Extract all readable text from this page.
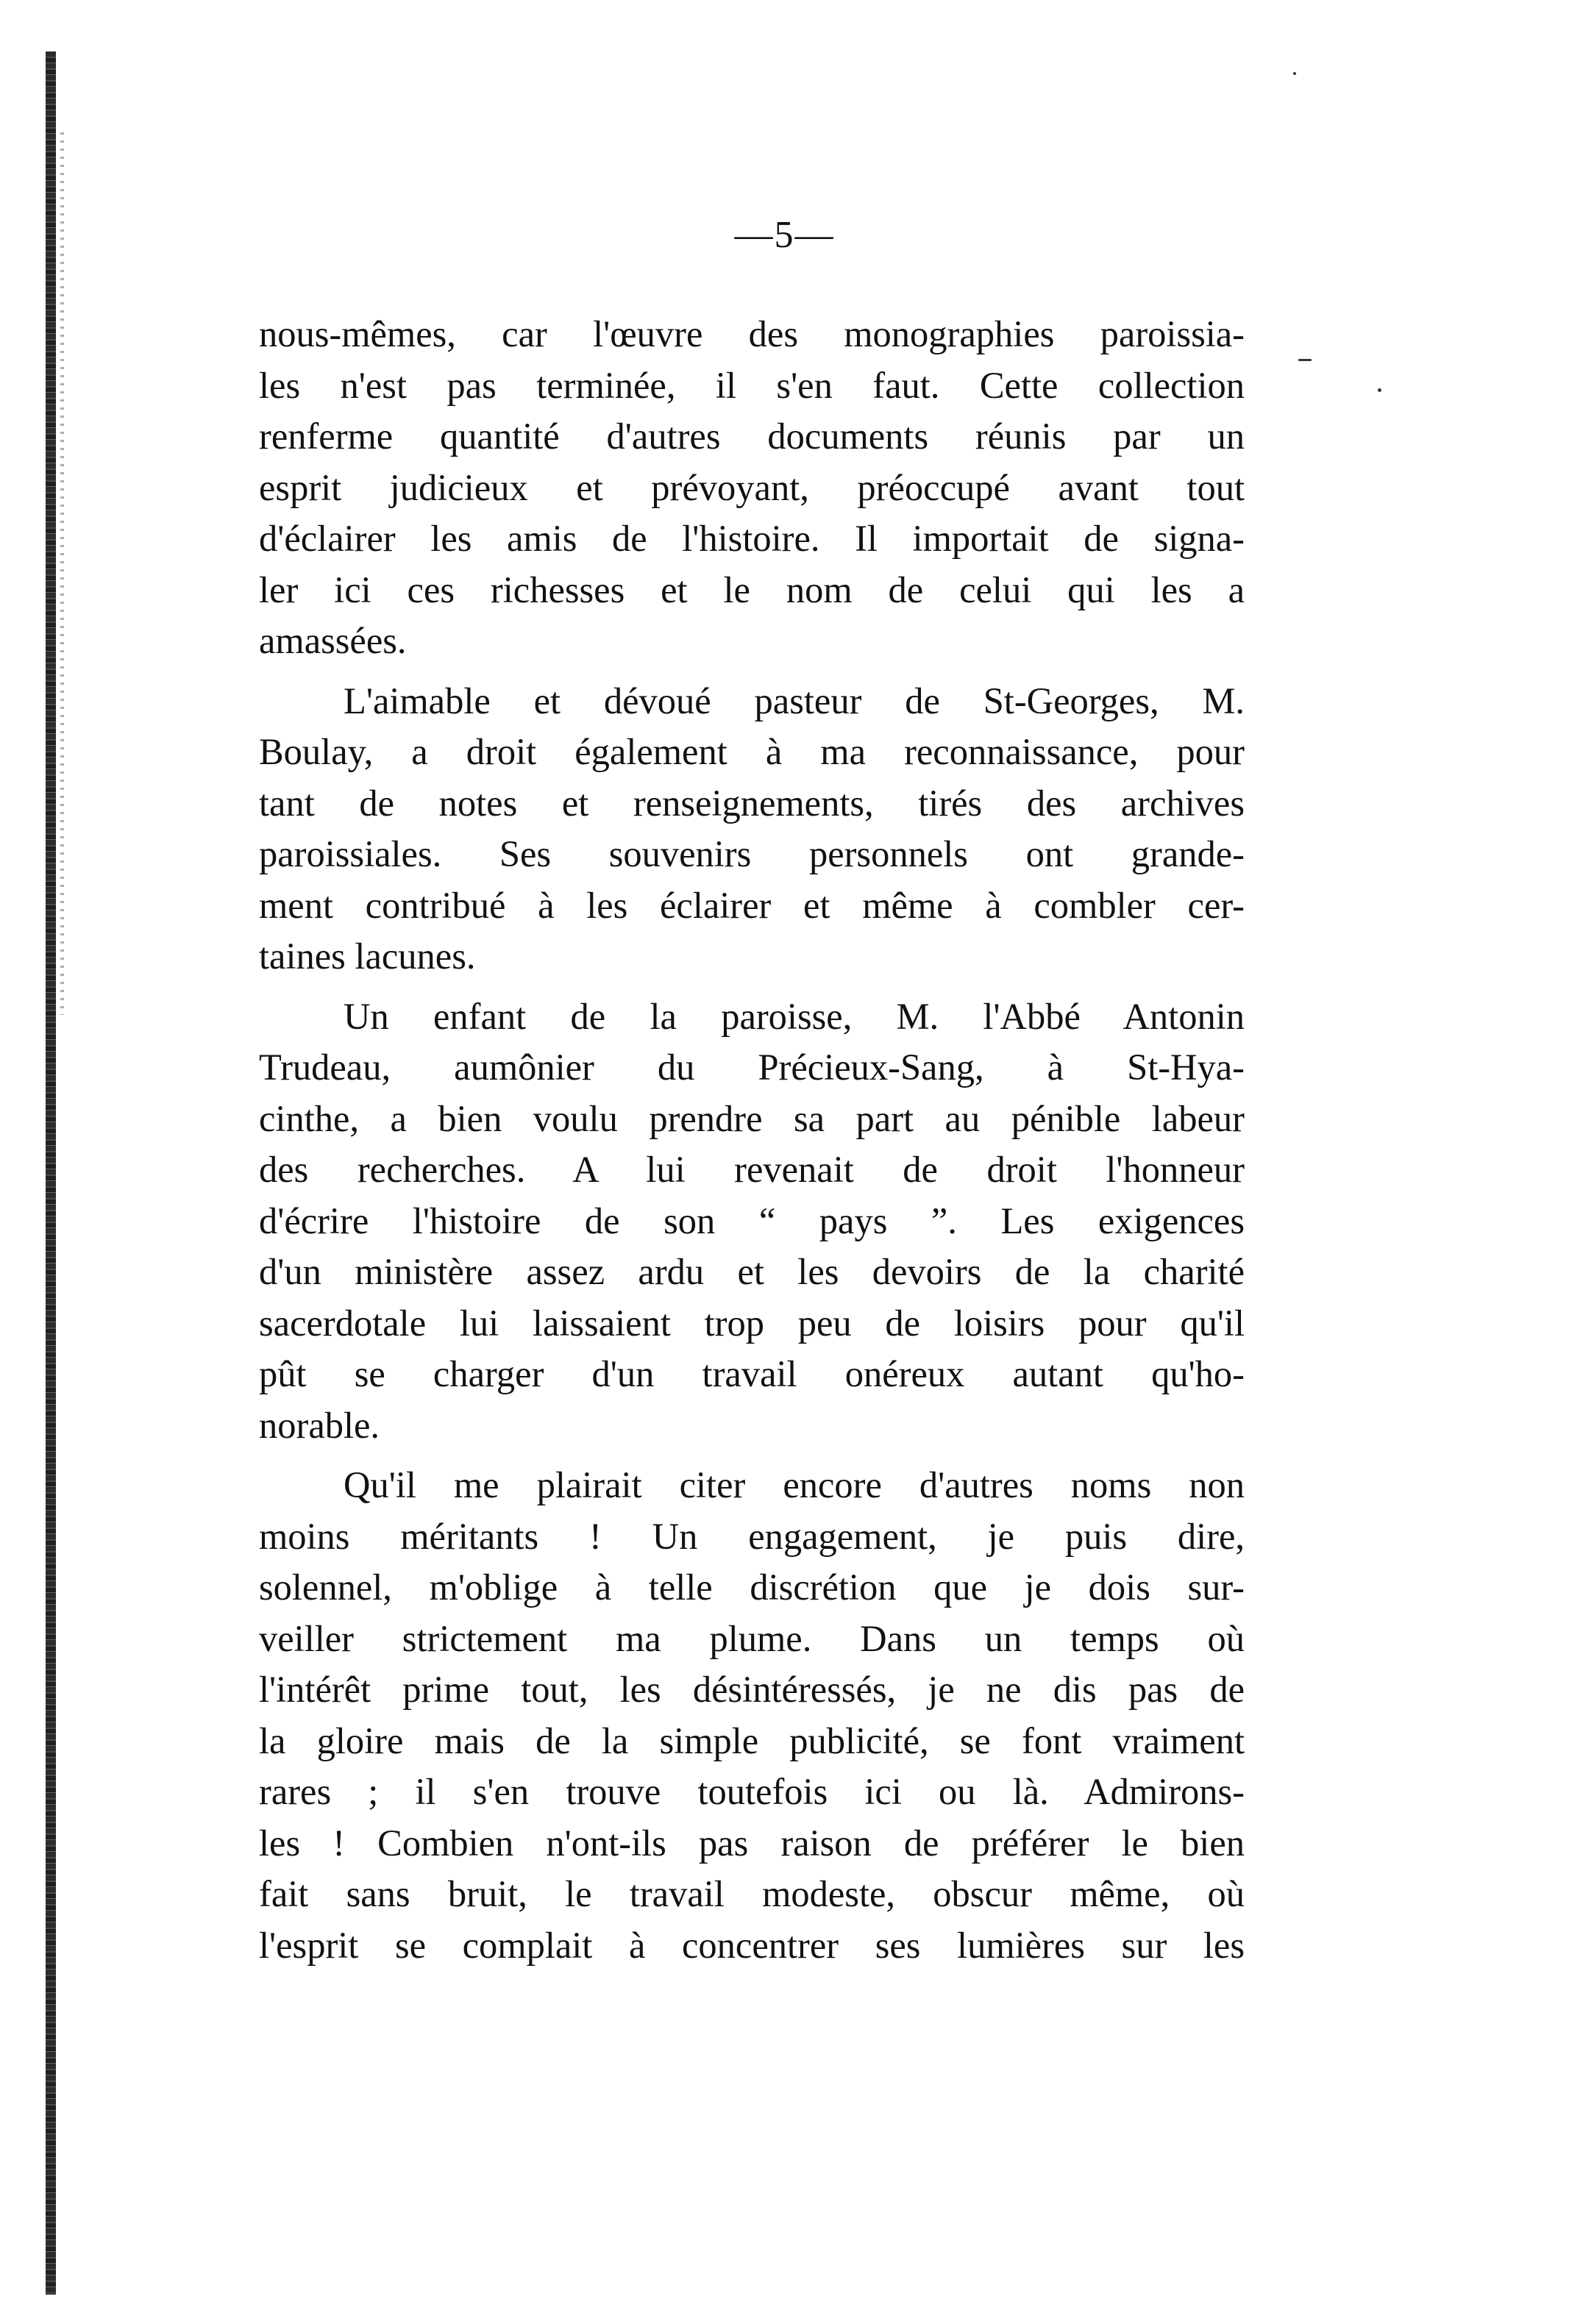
—5—
nous-mêmes, car l'œuvre des monographies paroissia-
les n'est pas terminée, il s'en faut. Cette collection
renferme quantité d'autres documents réunis par un
esprit judicieux et prévoyant, préoccupé avant tout
d'éclairer les amis de l'histoire. Il importait de signa-
ler ici ces richesses et le nom de celui qui les a
amassées.
L'aimable et dévoué pasteur de St-Georges, M.
Boulay, a droit également à ma reconnaissance, pour
tant de notes et renseignements, tirés des archives
paroissiales. Ses souvenirs personnels ont grande-
ment contribué à les éclairer et même à combler cer-
taines lacunes.
Un enfant de la paroisse, M. l'Abbé Antonin
Trudeau, aumônier du Précieux-Sang, à St-Hya-
cinthe, a bien voulu prendre sa part au pénible labeur
des recherches. A lui revenait de droit l'honneur
d'écrire l'histoire de son “ pays ”. Les exigences
d'un ministère assez ardu et les devoirs de la charité
sacerdotale lui laissaient trop peu de loisirs pour qu'il
pût se charger d'un travail onéreux autant qu'ho-
norable.
Qu'il me plairait citer encore d'autres noms non
moins méritants ! Un engagement, je puis dire,
solennel, m'oblige à telle discrétion que je dois sur-
veiller strictement ma plume. Dans un temps où
l'intérêt prime tout, les désintéressés, je ne dis pas de
la gloire mais de la simple publicité, se font vraiment
rares ; il s'en trouve toutefois ici ou là. Admirons-
les ! Combien n'ont-ils pas raison de préférer le bien
fait sans bruit, le travail modeste, obscur même, où
l'esprit se complait à concentrer ses lumières sur les
